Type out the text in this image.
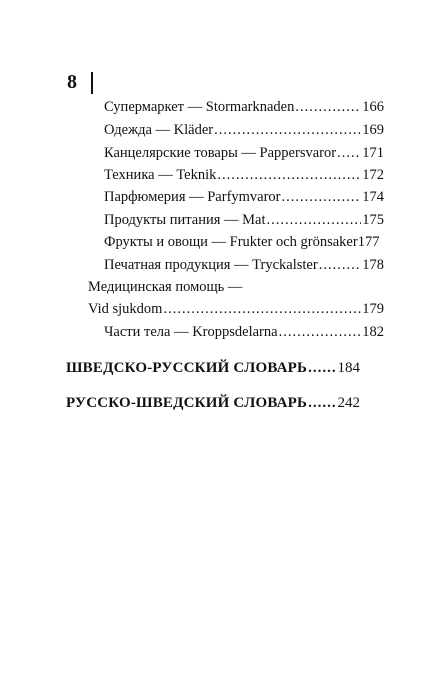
8
Супермаркет — Stormarknaden .....	166
Одежда — Kläder .....	169
Канцелярские товары — Pappersvaror ..... 171
Техника — Teknik .....	172
Парфюмерия — Parfymvaror .....	174
Продукты питания — Mat .....	175
Фрукты и овощи — Frukter och grönsaker 177
Печатная продукция — Tryckalster .....	178
Медицинская помощь —
Vid sjukdom .....	179
Части тела — Kroppsdelarna .....	182
ШВЕДСКО-РУССКИЙ СЛОВАРЬ ..... 184
РУССКО-ШВЕДСКИЙ СЛОВАРЬ ..... 242
